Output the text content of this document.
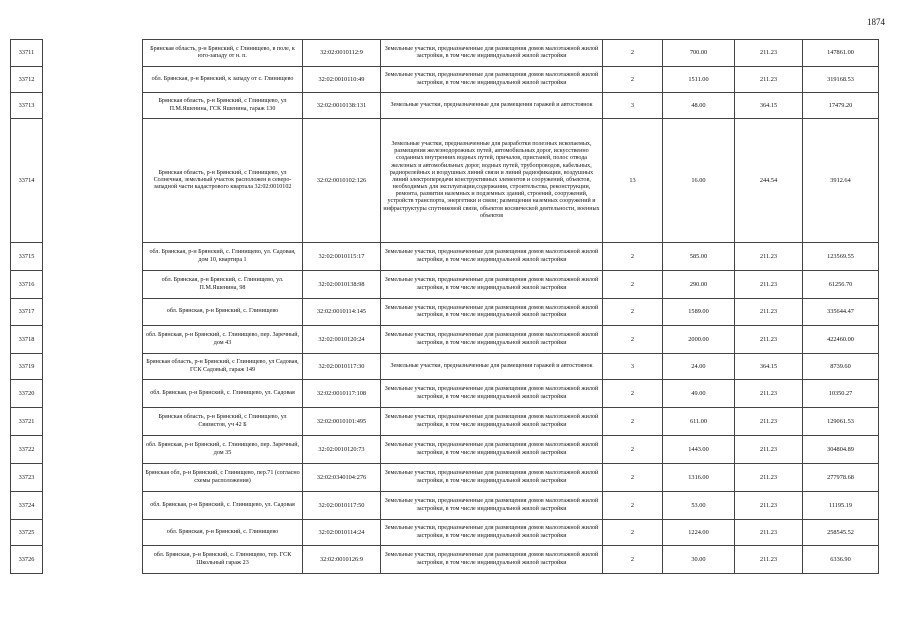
1874
33711		Брянская область, р-н Брянский, с Глинищево, в поле, к юго-западу от н. п.	32:02:0010112:9	Земельные участки, предназначенные для размещения домов малоэтажной жилой застройки, в том числе индивидуальной жилой застройки	2	700.00	211.23	147861.00
33712		обл. Брянская, р-н Брянский, к западу от с. Глинищево	32:02:0010110:49	Земельные участки, предназначенные для размещения домов малоэтажной жилой застройки, в том числе индивидуальной жилой застройки	2	1511.00	211.23	319168.53
33713		Брянская область, р-н Брянский, с Глинищево, ул П.М.Яшенина, ГСК Яшенина, гараж 130	32:02:0010138:131	Земельные участки, предназначенные для размещения гаражей и автостоянок	3	48.00	364.15	17479.20
33714		Брянская область, р-н Брянский, с Глинищево, ул Солнечная, земельный участок расположен в северо-западной части кадастрового квартала 32:02:0010102	32:02:0010102:126	Земельные участки, предназначенные для разработки полезных ископаемых, размещения железнодорожных путей, автомобильных дорог, искусственно созданных внутренних водных путей, причалов, пристаней, полос отвода железных и автомобильных дорог, водных путей, трубопроводов, кабельных, радиорелейных и воздушных линий связи и линий радиофикации, воздушных линий электропередачи конструктивных элементов и сооружений, объектов, необходимых для эксплуатации,содержания, строительства, реконструкции, ремонта, развития наземных и подземных зданий, строений, сооружений, устройств транспорта, энергетики и связи; размещения наземных сооружений и инфраструктуры спутниковой связи, объектов космической деятельности, военных объектов	13	16.00	244.54	3912.64
33715		обл. Брянская, р-н Брянский, с. Глинищево, ул. Садовая, дом 10, квартира 1	32:02:0010115:17	Земельные участки, предназначенные для размещения домов малоэтажной жилой застройки, в том числе индивидуальной жилой застройки	2	585.00	211.23	123569.55
33716		обл. Брянская, р-н Брянский, с. Глинищево, ул. П.М.Яшенина, 98	32:02:0010138:98	Земельные участки, предназначенные для размещения домов малоэтажной жилой застройки, в том числе индивидуальной жилой застройки	2	290.00	211.23	61256.70
33717		обл. Брянская, р-н Брянский, с. Глинищево	32:02:0010114:145	Земельные участки, предназначенные для размещения домов малоэтажной жилой застройки, в том числе индивидуальной жилой застройки	2	1589.00	211.23	335644.47
33718		обл. Брянская, р-н Брянский, с. Глинищево, пер. Заречный, дом 43	32:02:0010120:24	Земельные участки, предназначенные для размещения домов малоэтажной жилой застройки, в том числе индивидуальной жилой застройки	2	2000.00	211.23	422460.00
33719		Брянская область, р-н Брянский, с Глинищево, ул Садовая, ГСК Садовый, гараж 149	32:02:0010117:30	Земельные участки, предназначенные для размещения гаражей и автостоянок	3	24.00	364.15	8739.60
33720		обл. Брянская, р-н Брянский, с. Глинищево, ул. Садовая	32:02:0010117:108	Земельные участки, предназначенные для размещения домов малоэтажной жилой застройки, в том числе индивидуальной жилой застройки	2	49.00	211.23	10350.27
33721		Брянская область, р-н Брянский, с Глинищево, ул Связистов, уч 42 Б	32:02:0010101:495	Земельные участки, предназначенные для размещения домов малоэтажной жилой застройки, в том числе индивидуальной жилой застройки	2	611.00	211.23	129061.53
33722		обл. Брянская, р-н Брянский, с. Глинищево, пер. Заречный, дом 35	32:02:0010120:73	Земельные участки, предназначенные для размещения домов малоэтажной жилой застройки, в том числе индивидуальной жилой застройки	2	1443.00	211.23	304804.89
33723		Брянская обл, р-н Брянский, с Глинищево, пер.71 (согласно схемы расположения)	32:02:0340104:276	Земельные участки, предназначенные для размещения домов малоэтажной жилой застройки, в том числе индивидуальной жилой застройки	2	1316.00	211.23	277978.68
33724		обл. Брянская, р-н Брянский, с. Глинищево, ул. Садовая	32:02:0010117:50	Земельные участки, предназначенные для размещения домов малоэтажной жилой застройки, в том числе индивидуальной жилой застройки	2	53.00	211.23	11195.19
33725		обл. Брянская, р-н Брянский, с. Глинищево	32:02:0010114:24	Земельные участки, предназначенные для размещения домов малоэтажной жилой застройки, в том числе индивидуальной жилой застройки	2	1224.00	211.23	258545.52
33726		обл. Брянская, р-н Брянский, с. Глинищево, тер. ГСК Школьный гараж 23	32:02:0010126:9	Земельные участки, предназначенные для размещения домов малоэтажной жилой застройки, в том числе индивидуальной жилой застройки	2	30.00	211.23	6336.90
